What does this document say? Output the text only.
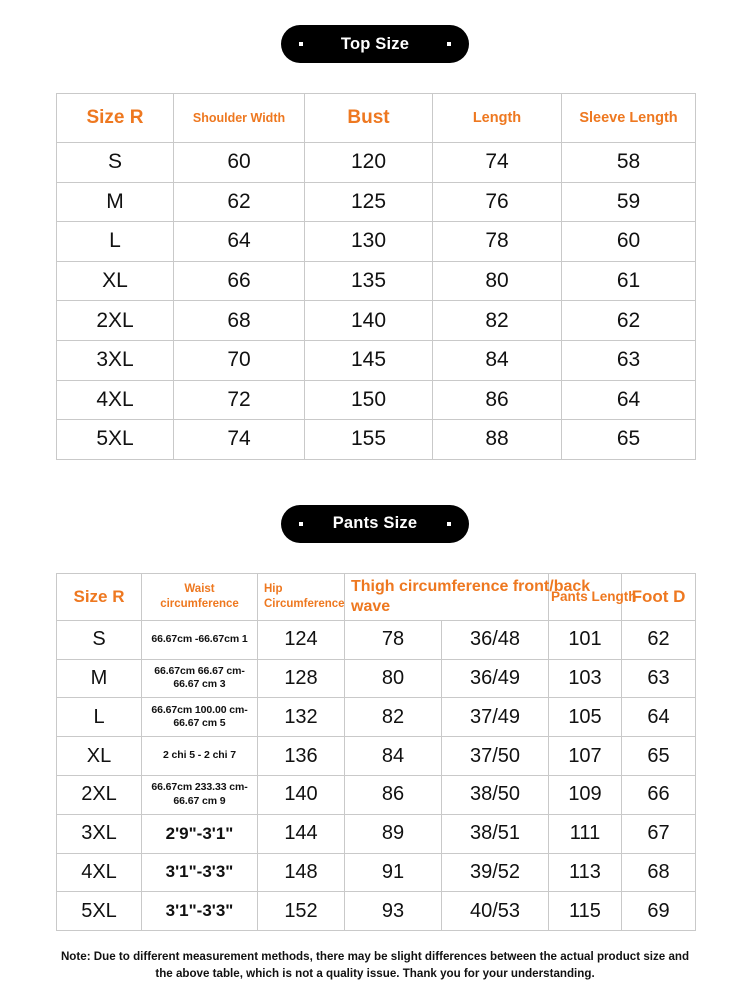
Top Size
Size R	Shoulder Width	Bust	Length	Sleeve Length
S	60	120	74	58
M	62	125	76	59
L	64	130	78	60
XL	66	135	80	61
2XL	68	140	82	62
3XL	70	145	84	63
4XL	72	150	86	64
5XL	74	155	88	65
Pants Size
Size R	Waist circumference	Hip Circumference	Thigh circumference front/back wave		Pants Length	Foot D
S	66.67cm -66.67cm 1	124	78	36/48	101	62
M	66.67cm 66.67 cm-66.67 cm 3	128	80	36/49	103	63
L	66.67cm 100.00 cm-66.67 cm 5	132	82	37/49	105	64
XL	2 chi 5 - 2 chi 7	136	84	37/50	107	65
2XL	66.67cm 233.33 cm-66.67 cm 9	140	86	38/50	109	66
3XL	2'9"-3'1"	144	89	38/51	111	67
4XL	3'1"-3'3"	148	91	39/52	113	68
5XL	3'1"-3'3"	152	93	40/53	115	69
Note: Due to different measurement methods, there may be slight differences between the actual product size and the above table, which is not a quality issue. Thank you for your understanding.
